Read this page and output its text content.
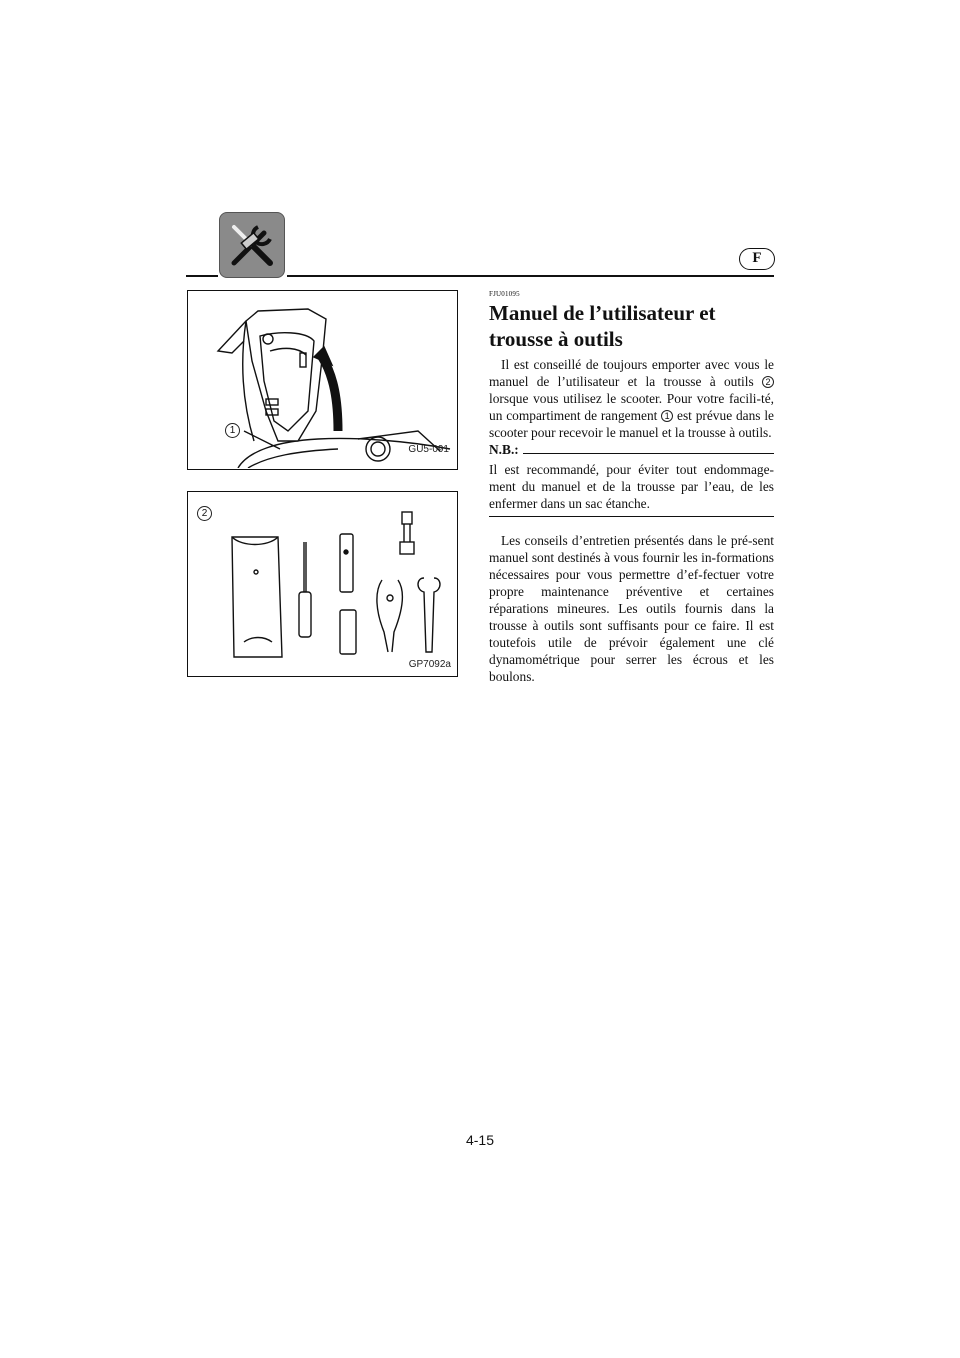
F
1
GU5-091
2
GP7092a
FJU01095
Manuel de l’utilisateur et trousse à outils

Il est conseillé de toujours emporter avec vous le manuel de l’utilisateur et la trousse à outils 2 lorsque vous utilisez le scooter. Pour votre facili-té, un compartiment de rangement 1 est prévue dans le scooter pour recevoir le manuel et la trousse à outils.

N.B.:

Il est recommandé, pour éviter tout endommage-ment du manuel et de la trousse par l’eau, de les enfermer dans un sac étanche.

Les conseils d’entretien présentés dans le pré-sent manuel sont destinés à vous fournir les in-formations nécessaires pour vous permettre d’ef-fectuer votre propre maintenance préventive et certaines réparations mineures. Les outils fournis dans la trousse à outils sont suffisants pour ce faire. Il est toutefois utile de prévoir également une clé dynamométrique pour serrer les écrous et les boulons.

4-15
